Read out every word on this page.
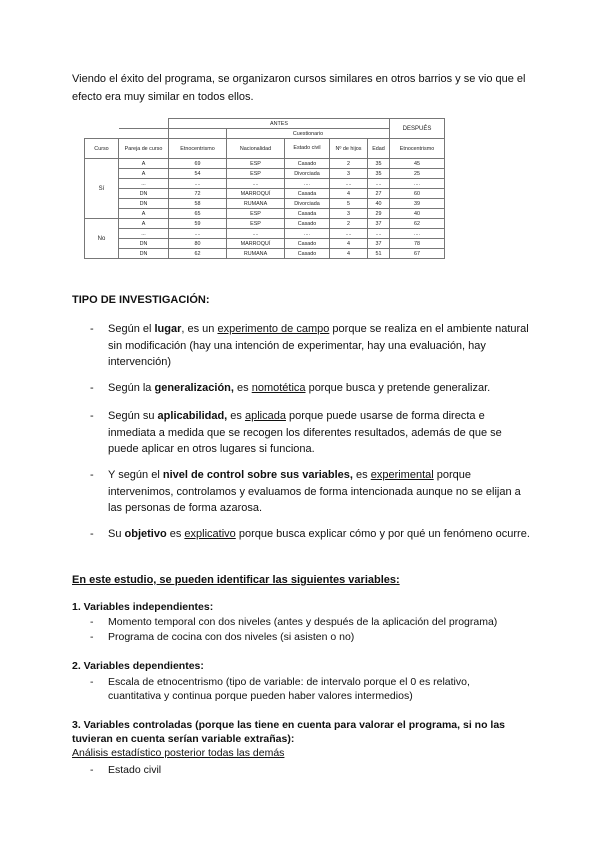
Viendo el éxito del programa, se organizaron cursos similares en otros barrios y se vio que el efecto era muy similar en todos ellos.
		ANTES					DESPUÉS
			Cuestionario				
Curso	Pareja de curso	Etnocentrismo	Nacionalidad	Estado civil	Nº de hijos	Edad	Etnocentrismo
Sí	A	69	ESP	Casado	2	35	45
	A	54	ESP	Divorciada	3	35	25
	...	....	....	....	....	....	....
	DN	72	MARROQUÍ	Casada	4	27	60
	DN	58	RUMANA	Divorciada	5	40	39
	A	65	ESP	Casada	3	29	40
No	A	59	ESP	Casado	2	37	62
	...	....	....	....	....	....	....
	DN	80	MARROQUÍ	Casado	4	37	78
	DN	62	RUMANA	Casado	4	51	67
TIPO DE INVESTIGACIÓN:
- Según el lugar, es un experimento de campo porque se realiza en el ambiente natural sin modificación (hay una intención de experimentar, hay una evaluación, hay intervención)
- Según la generalización, es nomotética porque busca y pretende generalizar.
- Según su aplicabilidad, es aplicada porque puede usarse de forma directa e inmediata a medida que se recogen los diferentes resultados, además de que se puede aplicar en otros lugares si funciona.
- Y según el nivel de control sobre sus variables, es experimental porque intervenimos, controlamos y evaluamos de forma intencionada aunque no se elijan a las personas de forma azarosa.
- Su objetivo es explicativo porque busca explicar cómo y por qué un fenómeno ocurre.
En este estudio, se pueden identificar las siguientes variables:
1. Variables independientes:
- Momento temporal con dos niveles (antes y después de la aplicación del programa)
- Programa de cocina con dos niveles (si asisten o no)
2. Variables dependientes:
- Escala de etnocentrismo (tipo de variable: de intervalo porque el 0 es relativo, cuantitativa y continua porque pueden haber valores intermedios)
3. Variables controladas (porque las tiene en cuenta para valorar el programa, si no las tuvieran en cuenta serían variable extrañas):
Análisis estadístico posterior todas las demás
- Estado civil
